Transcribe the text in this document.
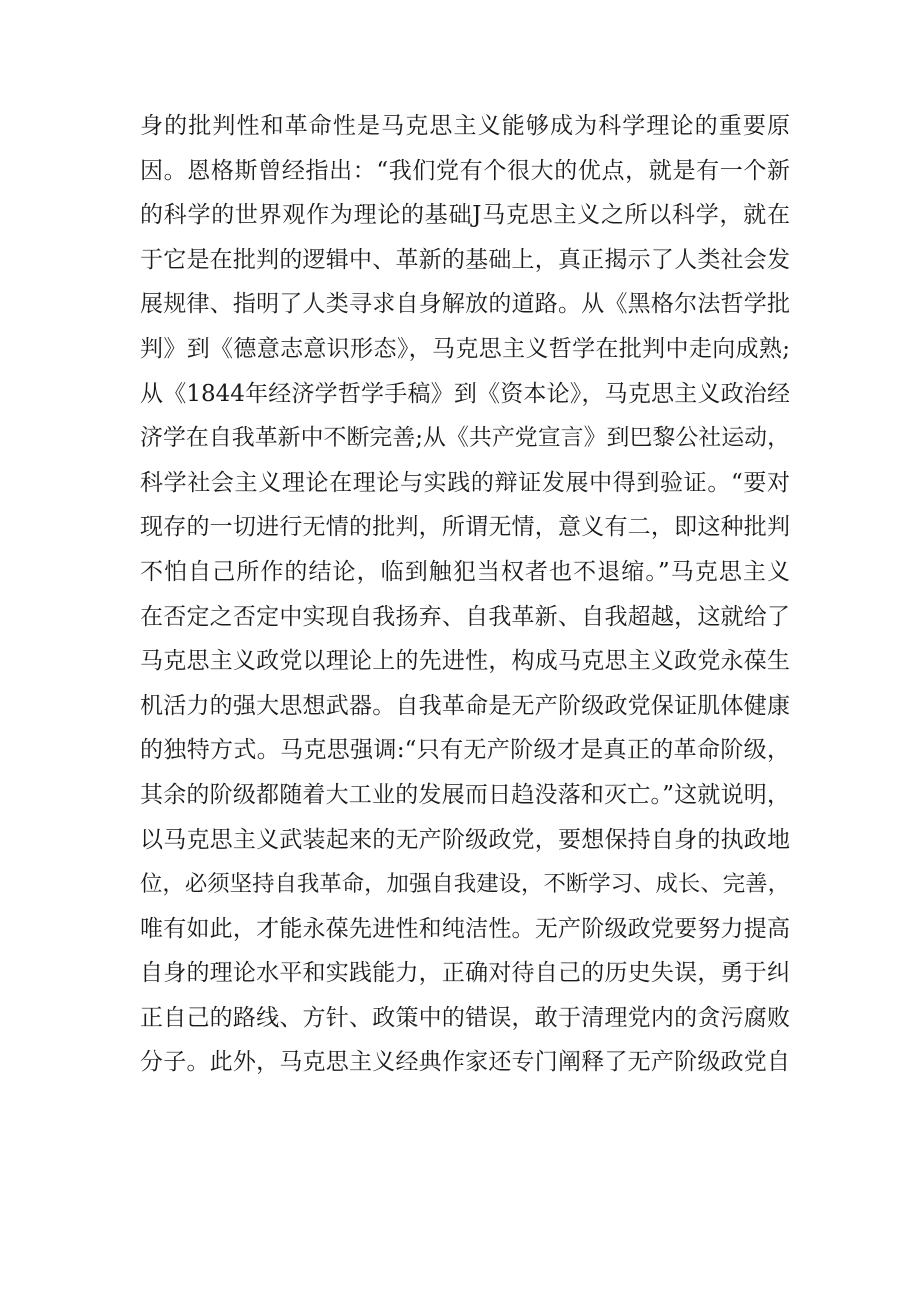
身的批判性和革命性是马克思主义能够成为科学理论的重要原
因。恩格斯曾经指出：“我们党有个很大的优点，就是有一个新
的科学的世界观作为理论的基础J马克思主义之所以科学，就在
于它是在批判的逻辑中、革新的基础上，真正揭示了人类社会发
展规律、指明了人类寻求自身解放的道路。从《黑格尔法哲学批
判》到《德意志意识形态》，马克思主义哲学在批判中走向成熟;
从《1844年经济学哲学手稿》到《资本论》，马克思主义政治经
济学在自我革新中不断完善;从《共产党宣言》到巴黎公社运动，
科学社会主义理论在理论与实践的辩证发展中得到验证。“要对
现存的一切进行无情的批判，所谓无情，意义有二，即这种批判
不怕自己所作的结论，临到触犯当权者也不退缩。”马克思主义
在否定之否定中实现自我扬弃、自我革新、自我超越，这就给了
马克思主义政党以理论上的先进性，构成马克思主义政党永葆生
机活力的强大思想武器。自我革命是无产阶级政党保证肌体健康
的独特方式。马克思强调:“只有无产阶级才是真正的革命阶级，
其余的阶级都随着大工业的发展而日趋没落和灭亡。”这就说明，
以马克思主义武装起来的无产阶级政党，要想保持自身的执政地
位，必须坚持自我革命，加强自我建设，不断学习、成长、完善，
唯有如此，才能永葆先进性和纯洁性。无产阶级政党要努力提高
自身的理论水平和实践能力，正确对待自己的历史失误，勇于纠
正自己的路线、方针、政策中的错误，敢于清理党内的贪污腐败
分子。此外，马克思主义经典作家还专门阐释了无产阶级政党自
